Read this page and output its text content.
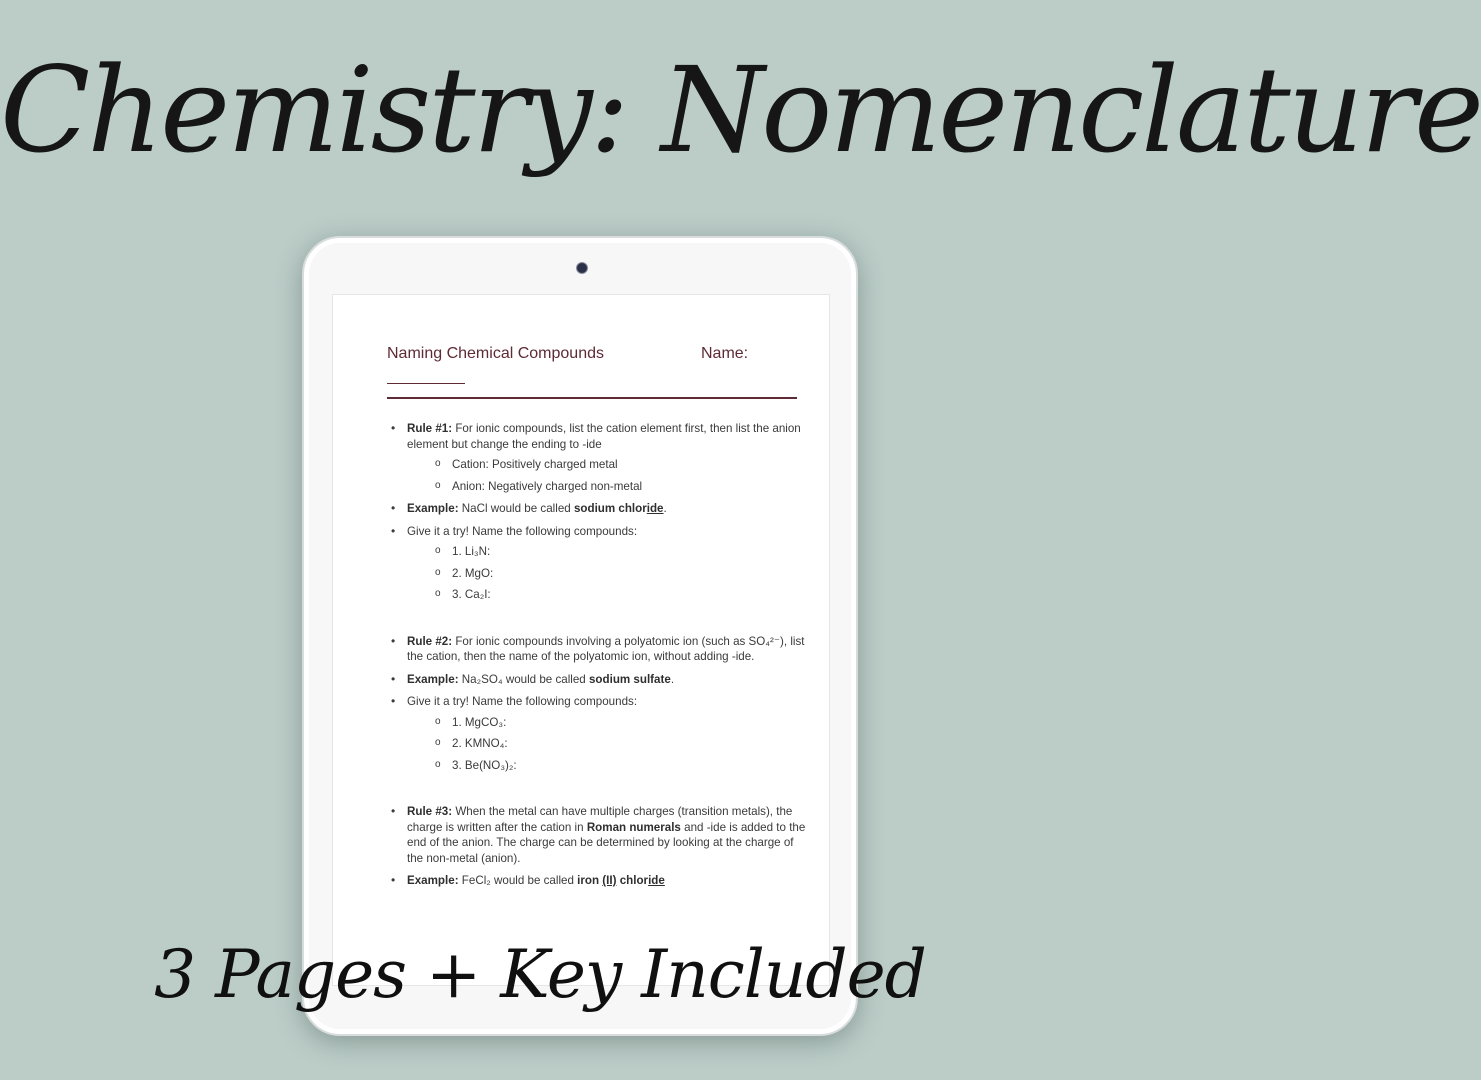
Chemistry: Nomenclature
Naming Chemical Compounds	Name:
• Rule #1: For ionic compounds, list the cation element first, then list the anion element but change the ending to -ide
o Cation: Positively charged metal
o Anion: Negatively charged non-metal
• Example: NaCl would be called sodium chloride.
• Give it a try! Name the following compounds:
o 1. Li₃N:
o 2. MgO:
o 3. Ca₂I:
• Rule #2: For ionic compounds involving a polyatomic ion (such as SO₄²⁻), list the cation, then the name of the polyatomic ion, without adding -ide.
• Example: Na₂SO₄ would be called sodium sulfate.
• Give it a try! Name the following compounds:
o 1. MgCO₃:
o 2. KMNO₄:
o 3. Be(NO₃)₂:
• Rule #3: When the metal can have multiple charges (transition metals), the charge is written after the cation in Roman numerals and -ide is added to the end of the anion. The charge can be determined by looking at the charge of the non-metal (anion).
• Example: FeCl₂ would be called iron (II) chloride
3 Pages + Key Included
